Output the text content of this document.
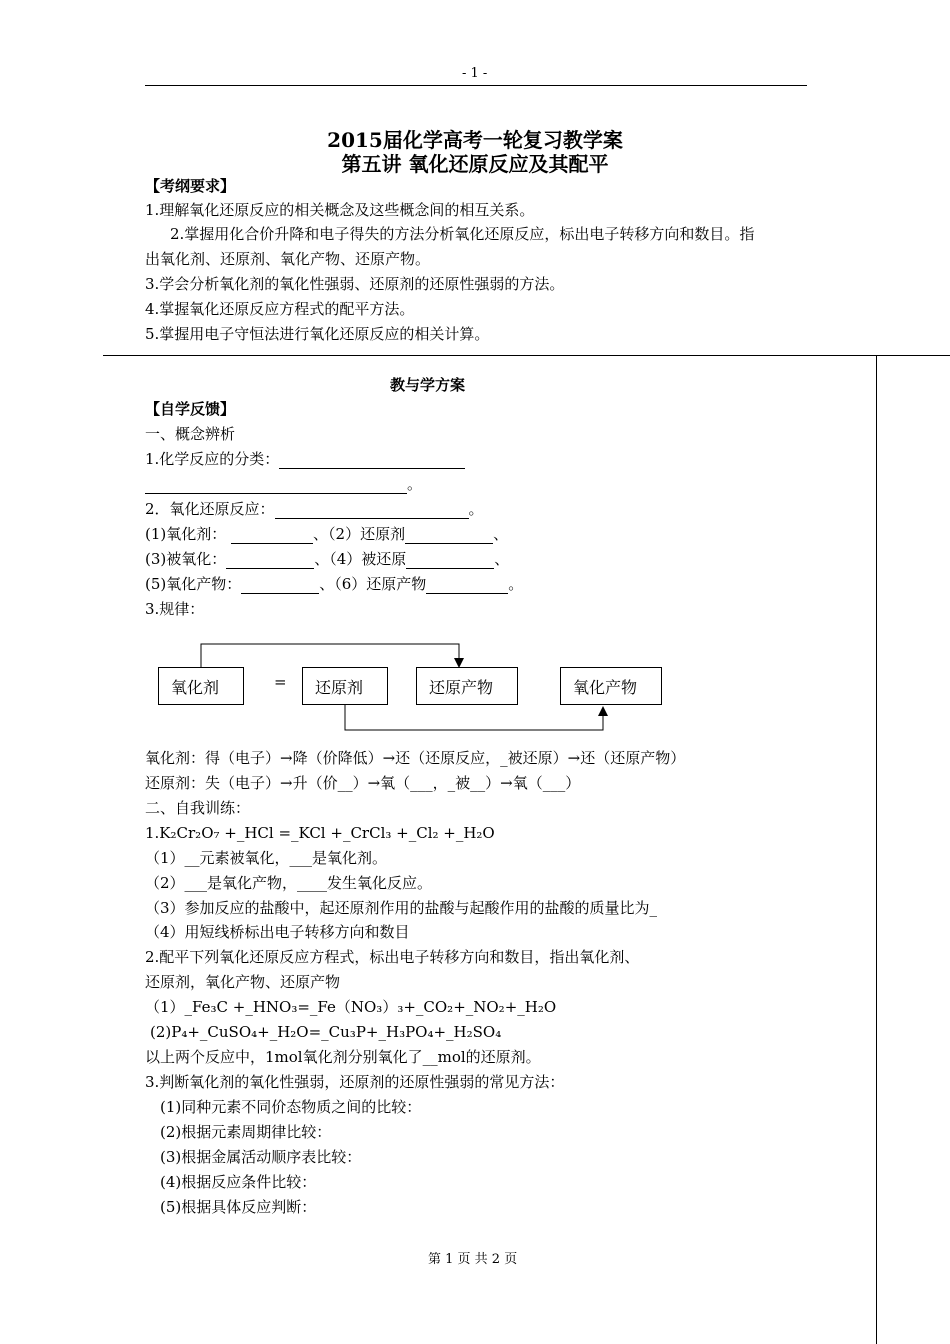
- 1 -
2015届化学高考一轮复习教学案
第五讲 氧化还原反应及其配平
【考纲要求】
1.理解氧化还原反应的相关概念及这些概念间的相互关系。
2.掌握用化合价升降和电子得失的方法分析氧化还原反应，标出电子转移方向和数目。指
出氧化剂、还原剂、氧化产物、还原产物。
3.学会分析氧化剂的氧化性强弱、还原剂的还原性强弱的方法。
4.掌握氧化还原反应方程式的配平方法。
5.掌握用电子守恒法进行氧化还原反应的相关计算。
教与学方案
【自学反馈】
一、概念辨析
1.化学反应的分类：
。
2．氧化还原反应：	。
(1)氧化剂：	、（2）还原剂	、
(3)被氧化：	、（4）被还原	、
(5)氧化产物：	、（6）还原产物	。
3.规律：
氧化剂	=	还原剂	还原产物	氧化产物
氧化剂：得（电子）→降（价降低）→还（还原反应，_被还原）→还（还原产物）
还原剂：失（电子）→升（价__）→氧（___，_被__）→氧（___）
二、自我训练：
1.K₂Cr₂O₇ +_HCl =_KCl +_CrCl₃ +_Cl₂ +_H₂O
（1）__元素被氧化，___是氧化剂。
（2）___是氧化产物，____发生氧化反应。
（3）参加反应的盐酸中，起还原剂作用的盐酸与起酸作用的盐酸的质量比为_
（4）用短线桥标出电子转移方向和数目
2.配平下列氧化还原反应方程式，标出电子转移方向和数目，指出氧化剂、
还原剂，氧化产物、还原产物
（1）_Fe₃C +_HNO₃=_Fe（NO₃）₃+_CO₂+_NO₂+_H₂O
(2)P₄+_CuSO₄+_H₂O=_Cu₃P+_H₃PO₄+_H₂SO₄
以上两个反应中，1mol氧化剂分别氧化了__mol的还原剂。
3.判断氧化剂的氧化性强弱，还原剂的还原性强弱的常见方法：
(1)同种元素不同价态物质之间的比较：
(2)根据元素周期律比较：
(3)根据金属活动顺序表比较：
(4)根据反应条件比较：
(5)根据具体反应判断：
第 1 页 共 2 页
